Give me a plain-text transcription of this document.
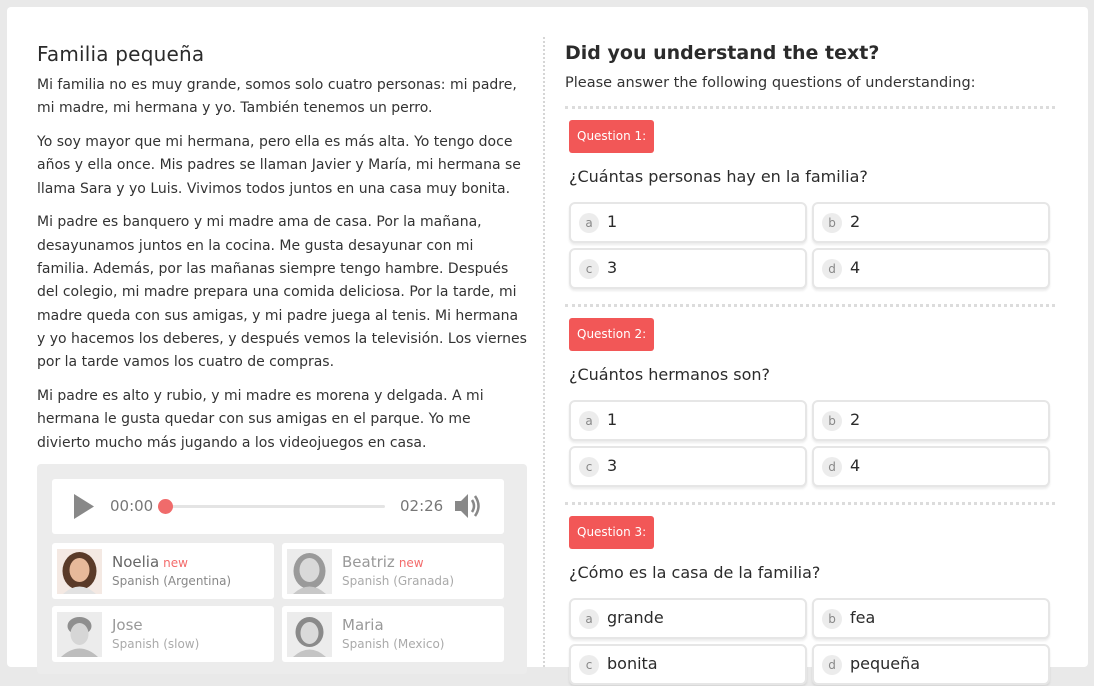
Familia pequeña

Mi familia no es muy grande, somos solo cuatro personas: mi padre, mi madre, mi hermana y yo. También tenemos un perro.

Yo soy mayor que mi hermana, pero ella es más alta. Yo tengo doce años y ella once. Mis padres se llaman Javier y María, mi hermana se llama Sara y yo Luis. Vivimos todos juntos en una casa muy bonita.

Mi padre es banquero y mi madre ama de casa. Por la mañana, desayunamos juntos en la cocina. Me gusta desayunar con mi familia. Además, por las mañanas siempre tengo hambre. Después del colegio, mi madre prepara una comida deliciosa. Por la tarde, mi madre queda con sus amigas, y mi padre juega al tenis. Mi hermana y yo hacemos los deberes, y después vemos la televisión. Los viernes por la tarde vamos los cuatro de compras.

Mi padre es alto y rubio, y mi madre es morena y delgada. A mi hermana le gusta quedar con sus amigas en el parque. Yo me divierto mucho más jugando a los videojuegos en casa.

00:00	02:26
Noelia new
Spanish (Argentina)
Beatriz new
Spanish (Granada)
Jose
Spanish (slow)
Maria
Spanish (Mexico)
Did you understand the text?

Please answer the following questions of understanding:

Question 1:

¿Cuántas personas hay en la familia?

a 1	b 2
c 3	d 4
Question 2:

¿Cuántos hermanos son?

a 1	b 2
c 3	d 4
Question 3:

¿Cómo es la casa de la familia?

a grande	b fea
c bonita	d pequeña
